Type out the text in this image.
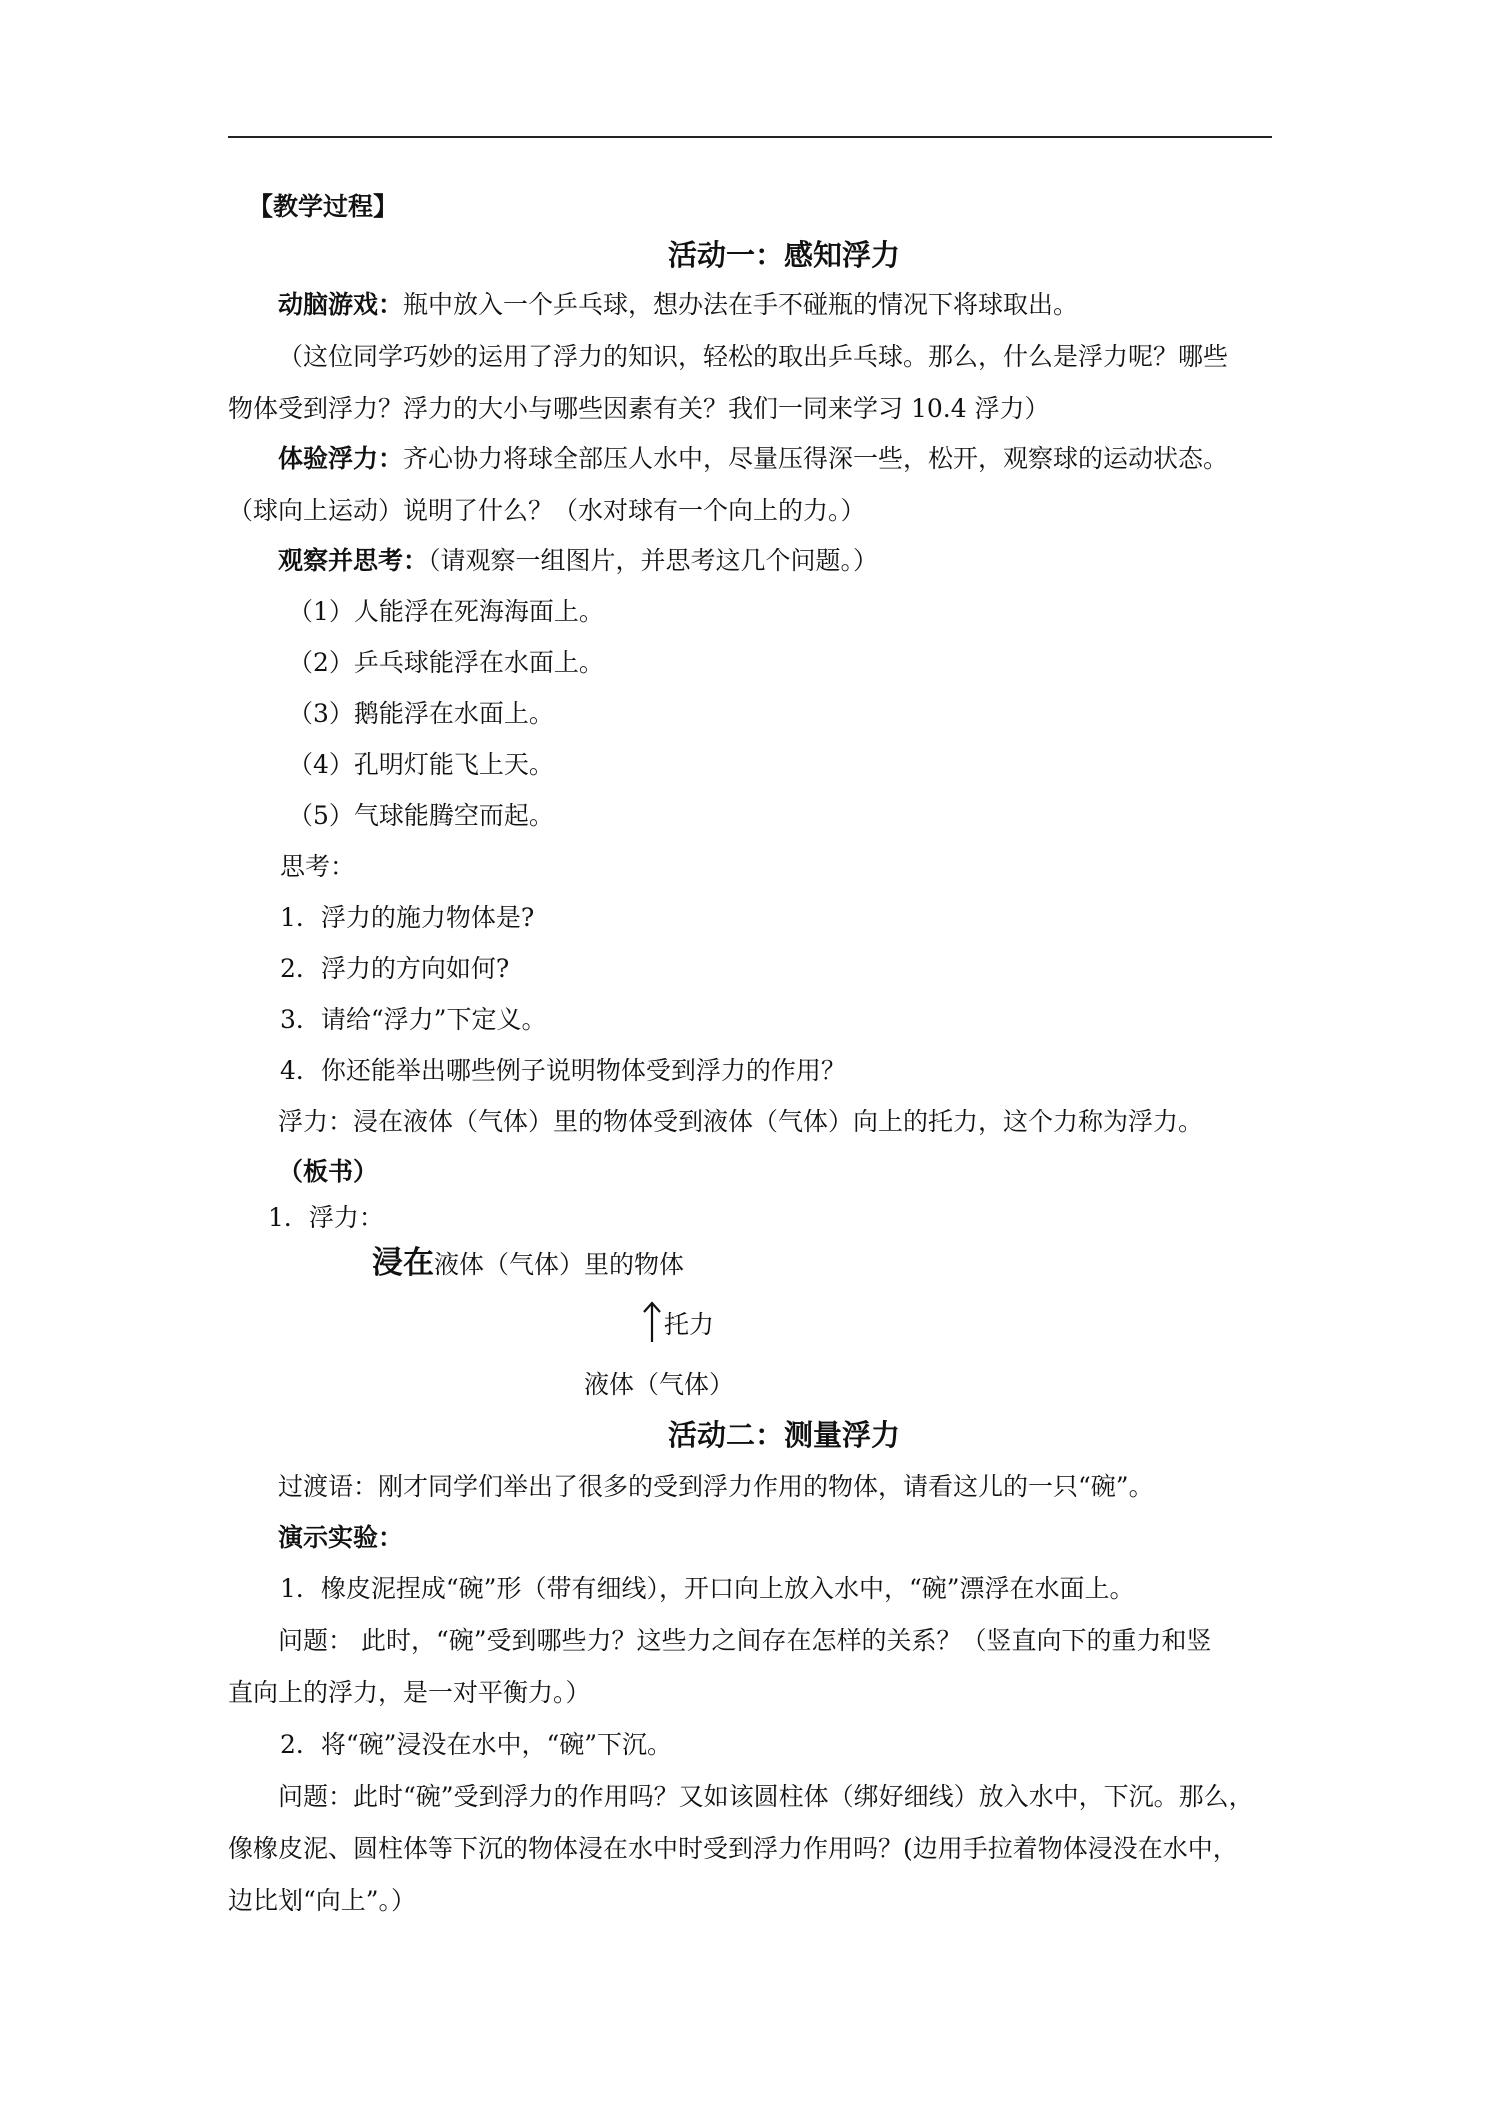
【教学过程】
活动一：感知浮力
动脑游戏：瓶中放入一个乒乓球，想办法在手不碰瓶的情况下将球取出。
（这位同学巧妙的运用了浮力的知识，轻松的取出乒乓球。那么，什么是浮力呢？哪些
物体受到浮力？浮力的大小与哪些因素有关？我们一同来学习 10.4 浮力）
体验浮力：齐心协力将球全部压人水中，尽量压得深一些，松开，观察球的运动状态。
（球向上运动）说明了什么？（水对球有一个向上的力。）
观察并思考：（请观察一组图片，并思考这几个问题。）
（1）人能浮在死海海面上。
（2）乒乓球能浮在水面上。
（3）鹅能浮在水面上。
（4）孔明灯能飞上天。
（5）气球能腾空而起。
思考：
1．浮力的施力物体是?
2．浮力的方向如何?
3．请给“浮力”下定义。
4．你还能举出哪些例子说明物体受到浮力的作用？
浮力：浸在液体（气体）里的物体受到液体（气体）向上的托力，这个力称为浮力。
（板书）
1．浮力：
浸在液体（气体）里的物体
托力
液体（气体）
活动二：测量浮力
过渡语：刚才同学们举出了很多的受到浮力作用的物体，请看这儿的一只“碗”。
演示实验：
1．橡皮泥捏成“碗”形（带有细线），开口向上放入水中，“碗”漂浮在水面上。
问题： 此时，“碗”受到哪些力？这些力之间存在怎样的关系？（竖直向下的重力和竖
直向上的浮力，是一对平衡力。）
2．将“碗”浸没在水中，“碗”下沉。
问题：此时“碗”受到浮力的作用吗？又如该圆柱体（绑好细线）放入水中，下沉。那么，
像橡皮泥、圆柱体等下沉的物体浸在水中时受到浮力作用吗？(边用手拉着物体浸没在水中，
边比划“向上”。）
